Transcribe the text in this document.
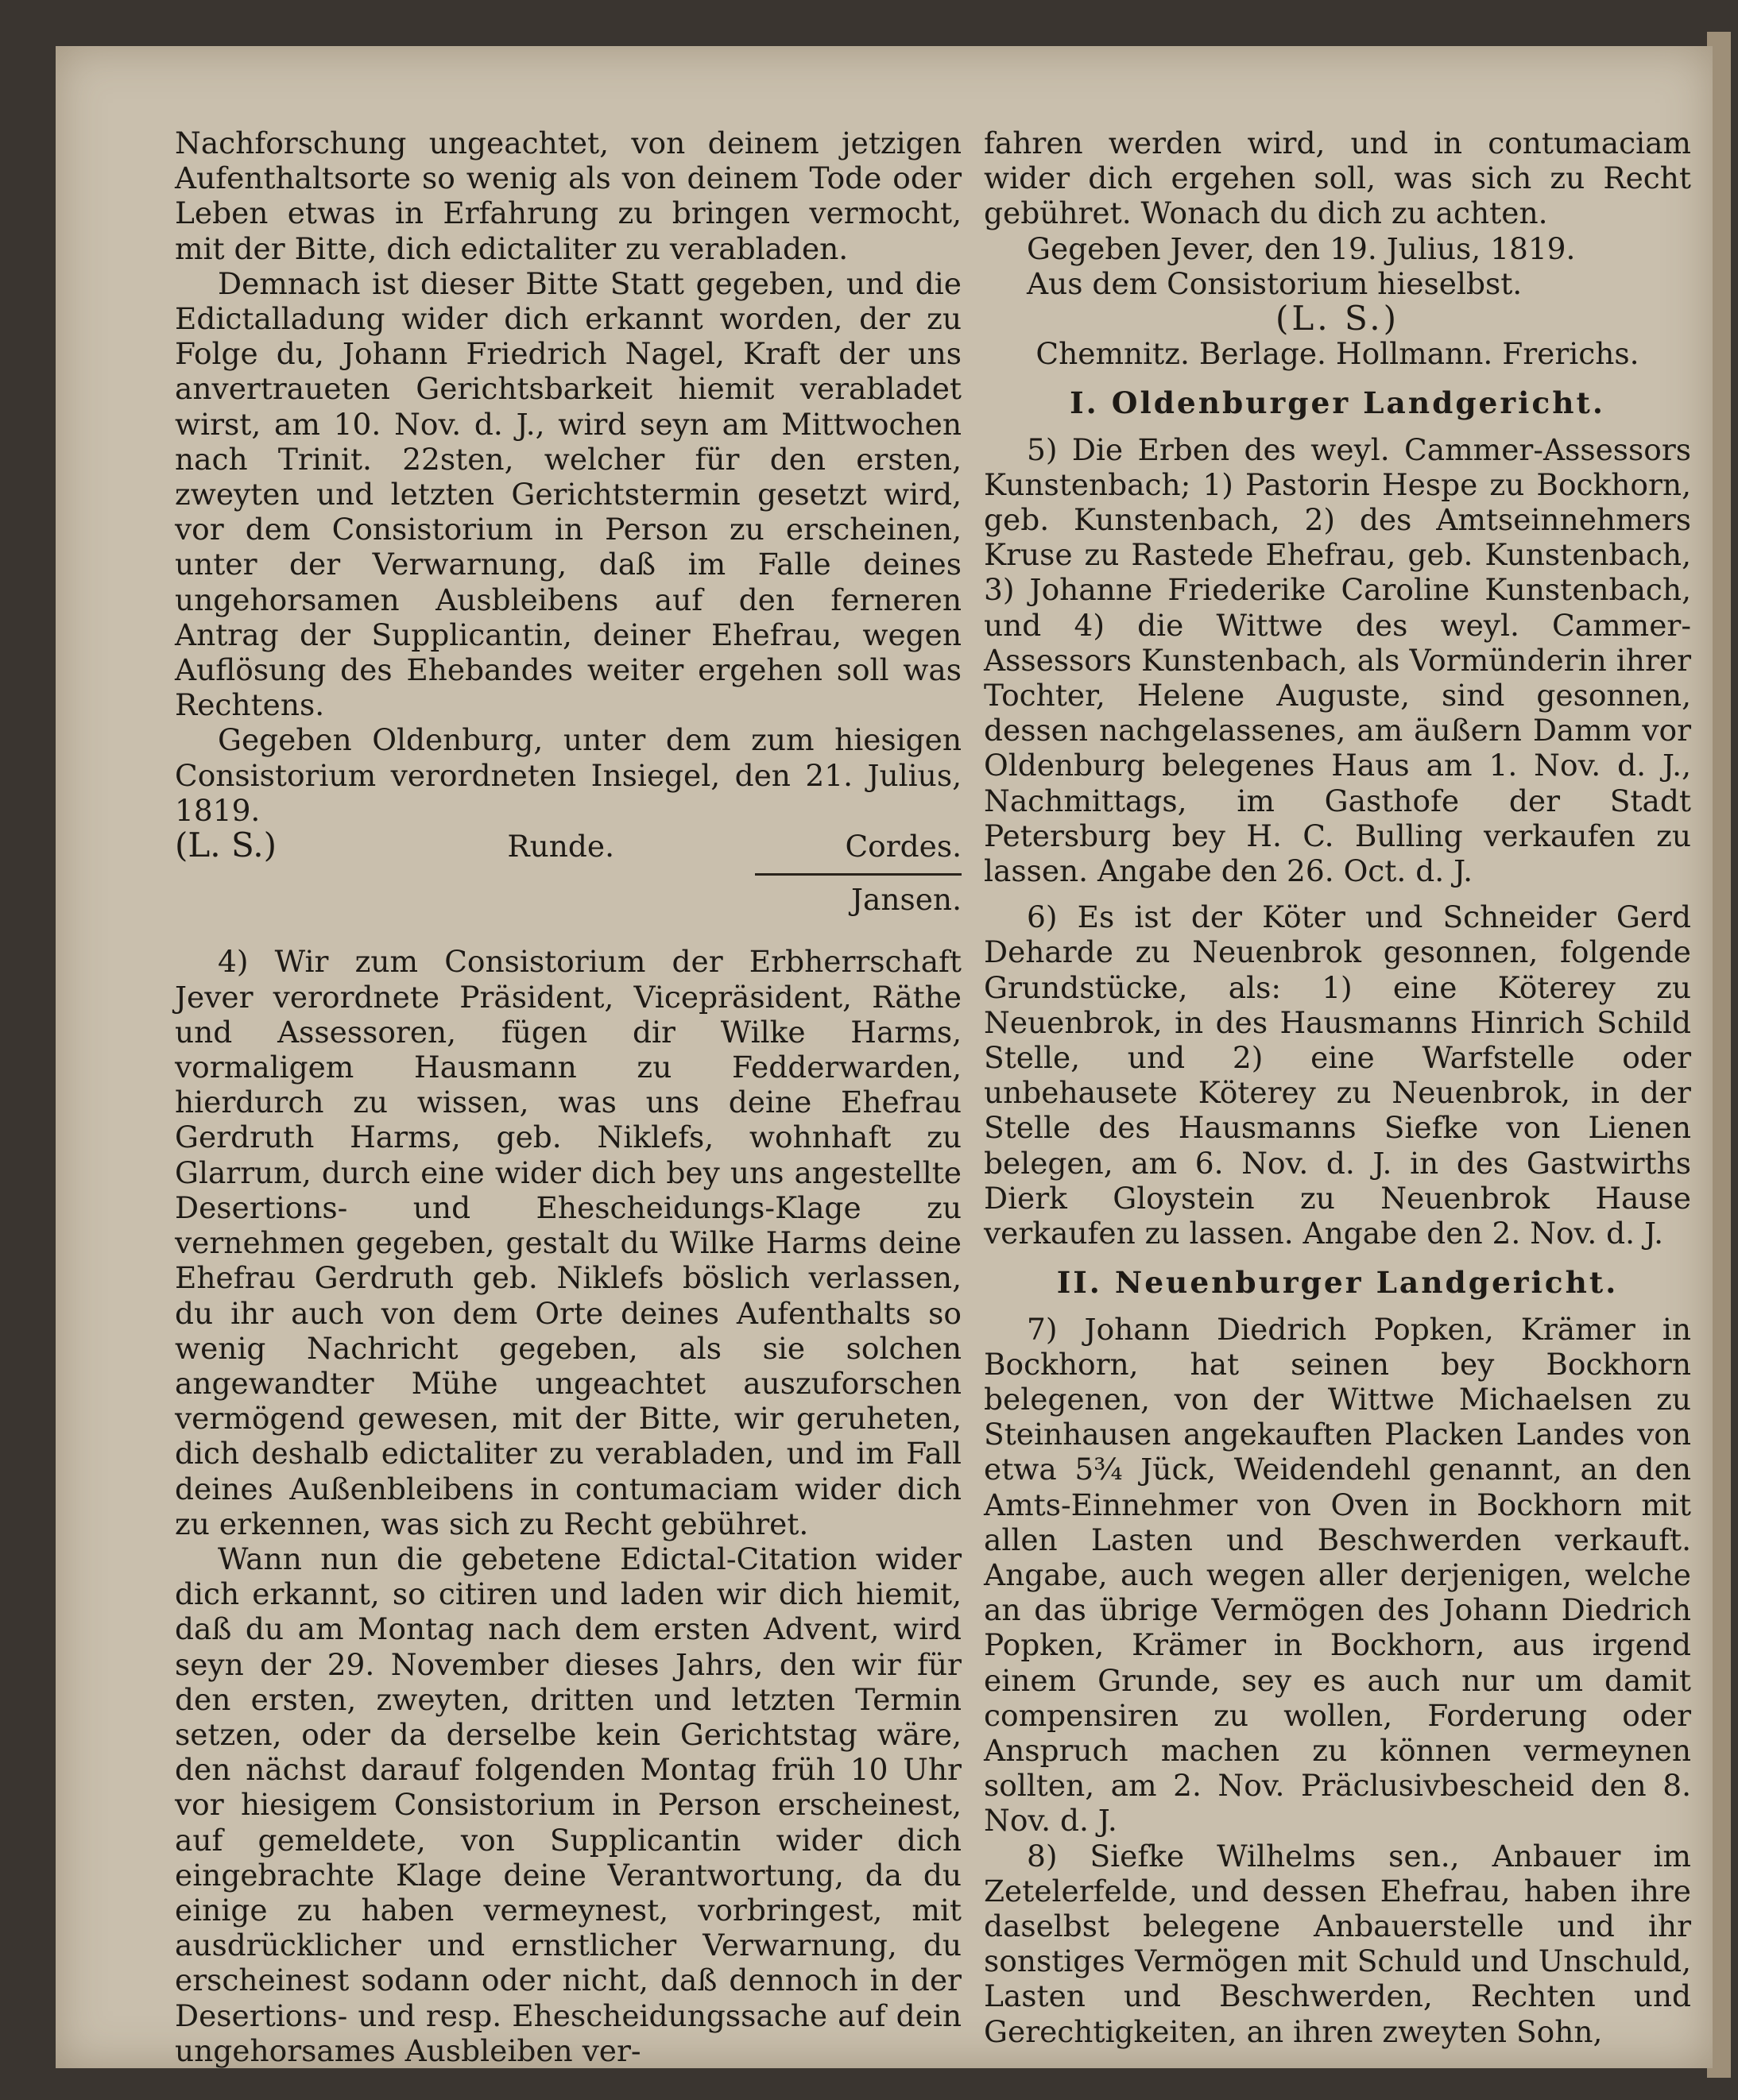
Nachforschung ungeachtet, von deinem jetzigen Aufenthaltsorte so wenig als von deinem Tode oder Leben etwas in Erfahrung zu bringen vermocht, mit der Bitte, dich edictaliter zu verabladen.

Demnach ist dieser Bitte Statt gegeben, und die Edictalladung wider dich erkannt worden, der zu Folge du, Johann Friedrich Nagel, Kraft der uns anvertraueten Gerichtsbarkeit hiemit verabladet wirst, am 10. Nov. d. J., wird seyn am Mittwochen nach Trinit. 22sten, welcher für den ersten, zweyten und letzten Gerichtstermin gesetzt wird, vor dem Consistorium in Person zu erscheinen, unter der Verwarnung, daß im Falle deines ungehorsamen Ausbleibens auf den ferneren Antrag der Supplicantin, deiner Ehefrau, wegen Auflösung des Ehebandes weiter ergehen soll was Rechtens.

Gegeben Oldenburg, unter dem zum hiesigen Consistorium verordneten Insiegel, den 21. Julius, 1819.

(L. S.)	Runde.	Cordes.

Jansen.

4) Wir zum Consistorium der Erbherrschaft Jever verordnete Präsident, Vicepräsident, Räthe und Assessoren, fügen dir Wilke Harms, vormaligem Hausmann zu Fedderwarden, hierdurch zu wissen, was uns deine Ehefrau Gerdruth Harms, geb. Niklefs, wohnhaft zu Glarrum, durch eine wider dich bey uns angestellte Desertions- und Ehescheidungs-Klage zu vernehmen gegeben, gestalt du Wilke Harms deine Ehefrau Gerdruth geb. Niklefs böslich verlassen, du ihr auch von dem Orte deines Aufenthalts so wenig Nachricht gegeben, als sie solchen angewandter Mühe ungeachtet auszuforschen vermögend gewesen, mit der Bitte, wir geruheten, dich deshalb edictaliter zu verabladen, und im Fall deines Außenbleibens in contumaciam wider dich zu erkennen, was sich zu Recht gebühret.

Wann nun die gebetene Edictal-Citation wider dich erkannt, so citiren und laden wir dich hiemit, daß du am Montag nach dem ersten Advent, wird seyn der 29. November dieses Jahrs, den wir für den ersten, zweyten, dritten und letzten Termin setzen, oder da derselbe kein Gerichtstag wäre, den nächst darauf folgenden Montag früh 10 Uhr vor hiesigem Consistorium in Person erscheinest, auf gemeldete, von Supplicantin wider dich eingebrachte Klage deine Verantwortung, da du einige zu haben vermeynest, vorbringest, mit ausdrücklicher und ernstlicher Verwarnung, du erscheinest sodann oder nicht, daß dennoch in der Desertions- und resp. Ehescheidungssache auf dein ungehorsames Ausbleiben ver-

fahren werden wird, und in contumaciam wider dich ergehen soll, was sich zu Recht gebühret. Wonach du dich zu achten.

Gegeben Jever, den 19. Julius, 1819.

Aus dem Consistorium hieselbst.

(L. S.)

Chemnitz. Berlage. Hollmann. Frerichs.

I. Oldenburger Landgericht.

5) Die Erben des weyl. Cammer-Assessors Kunstenbach; 1) Pastorin Hespe zu Bockhorn, geb. Kunstenbach, 2) des Amtseinnehmers Kruse zu Rastede Ehefrau, geb. Kunstenbach, 3) Johanne Friederike Caroline Kunstenbach, und 4) die Wittwe des weyl. Cammer-Assessors Kunstenbach, als Vormünderin ihrer Tochter, Helene Auguste, sind gesonnen, dessen nachgelassenes, am äußern Damm vor Oldenburg belegenes Haus am 1. Nov. d. J., Nachmittags, im Gasthofe der Stadt Petersburg bey H. C. Bulling verkaufen zu lassen. Angabe den 26. Oct. d. J.

6) Es ist der Köter und Schneider Gerd Deharde zu Neuenbrok gesonnen, folgende Grundstücke, als: 1) eine Köterey zu Neuenbrok, in des Hausmanns Hinrich Schild Stelle, und 2) eine Warfstelle oder unbehausete Köterey zu Neuenbrok, in der Stelle des Hausmanns Siefke von Lienen belegen, am 6. Nov. d. J. in des Gastwirths Dierk Gloystein zu Neuenbrok Hause verkaufen zu lassen. Angabe den 2. Nov. d. J.

II. Neuenburger Landgericht.

7) Johann Diedrich Popken, Krämer in Bockhorn, hat seinen bey Bockhorn belegenen, von der Wittwe Michaelsen zu Steinhausen angekauften Placken Landes von etwa 5¾ Jück, Weidendehl genannt, an den Amts-Einnehmer von Oven in Bockhorn mit allen Lasten und Beschwerden verkauft. Angabe, auch wegen aller derjenigen, welche an das übrige Vermögen des Johann Diedrich Popken, Krämer in Bockhorn, aus irgend einem Grunde, sey es auch nur um damit compensiren zu wollen, Forderung oder Anspruch machen zu können vermeynen sollten, am 2. Nov. Präclusivbescheid den 8. Nov. d. J.

8) Siefke Wilhelms sen., Anbauer im Zetelerfelde, und dessen Ehefrau, haben ihre daselbst belegene Anbauerstelle und ihr sonstiges Vermögen mit Schuld und Unschuld, Lasten und Beschwerden, Rechten und Gerechtigkeiten, an ihren zweyten Sohn,
